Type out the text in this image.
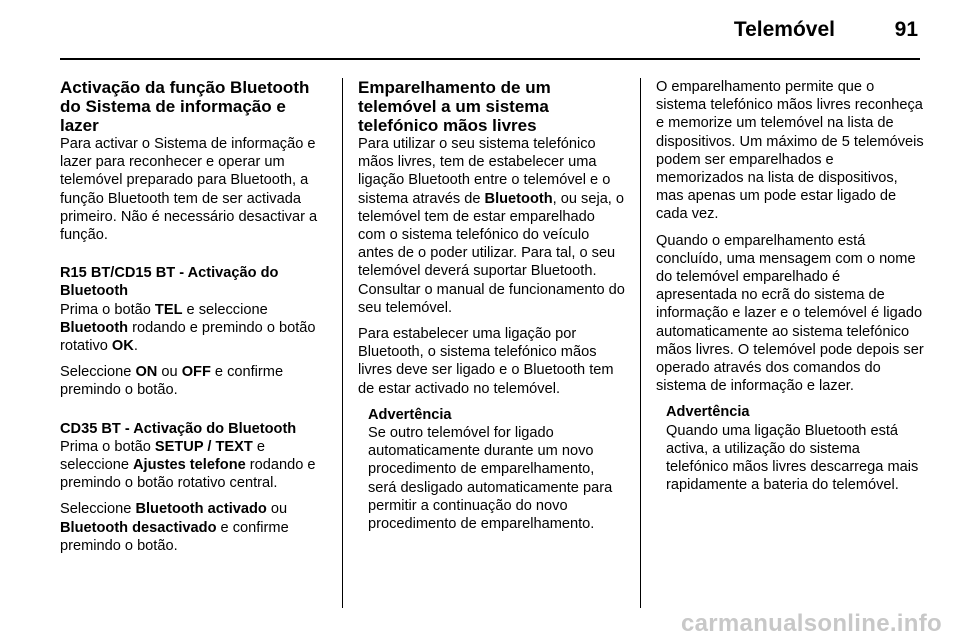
Telemóvel	91
Activação da função Bluetooth do Sistema de informação e lazer

Para activar o Sistema de informação e lazer para reconhecer e operar um telemóvel preparado para Bluetooth, a função Bluetooth tem de ser activada primeiro. Não é necessário desactivar a função.

R15 BT/CD15 BT - Activação do Bluetooth

Prima o botão TEL e seleccione Bluetooth rodando e premindo o botão rotativo OK.

Seleccione ON ou OFF e confirme premindo o botão.

CD35 BT - Activação do Bluetooth

Prima o botão SETUP / TEXT e seleccione Ajustes telefone rodando e premindo o botão rotativo central.

Seleccione Bluetooth activado ou Bluetooth desactivado e confirme premindo o botão.

Emparelhamento de um telemóvel a um sistema telefónico mãos livres

Para utilizar o seu sistema telefónico mãos livres, tem de estabelecer uma ligação Bluetooth entre o telemóvel e o sistema através de Bluetooth, ou seja, o telemóvel tem de estar emparelhado com o sistema telefónico do veículo antes de o poder utilizar. Para tal, o seu telemóvel deverá suportar Bluetooth. Consultar o manual de funcionamento do seu telemóvel.

Para estabelecer uma ligação por Bluetooth, o sistema telefónico mãos livres deve ser ligado e o Bluetooth tem de estar activado no telemóvel.

Advertência
Se outro telemóvel for ligado automaticamente durante um novo procedimento de emparelhamento, será desligado automaticamente para permitir a continuação do novo procedimento de emparelhamento.

O emparelhamento permite que o sistema telefónico mãos livres reconheça e memorize um telemóvel na lista de dispositivos. Um máximo de 5 telemóveis podem ser emparelhados e memorizados na lista de dispositivos, mas apenas um pode estar ligado de cada vez.

Quando o emparelhamento está concluído, uma mensagem com o nome do telemóvel emparelhado é apresentada no ecrã do sistema de informação e lazer e o telemóvel é ligado automaticamente ao sistema telefónico mãos livres. O telemóvel pode depois ser operado através dos comandos do sistema de informação e lazer.

Advertência
Quando uma ligação Bluetooth está activa, a utilização do sistema telefónico mãos livres descarrega mais rapidamente a bateria do telemóvel.
carmanualsonline.info
